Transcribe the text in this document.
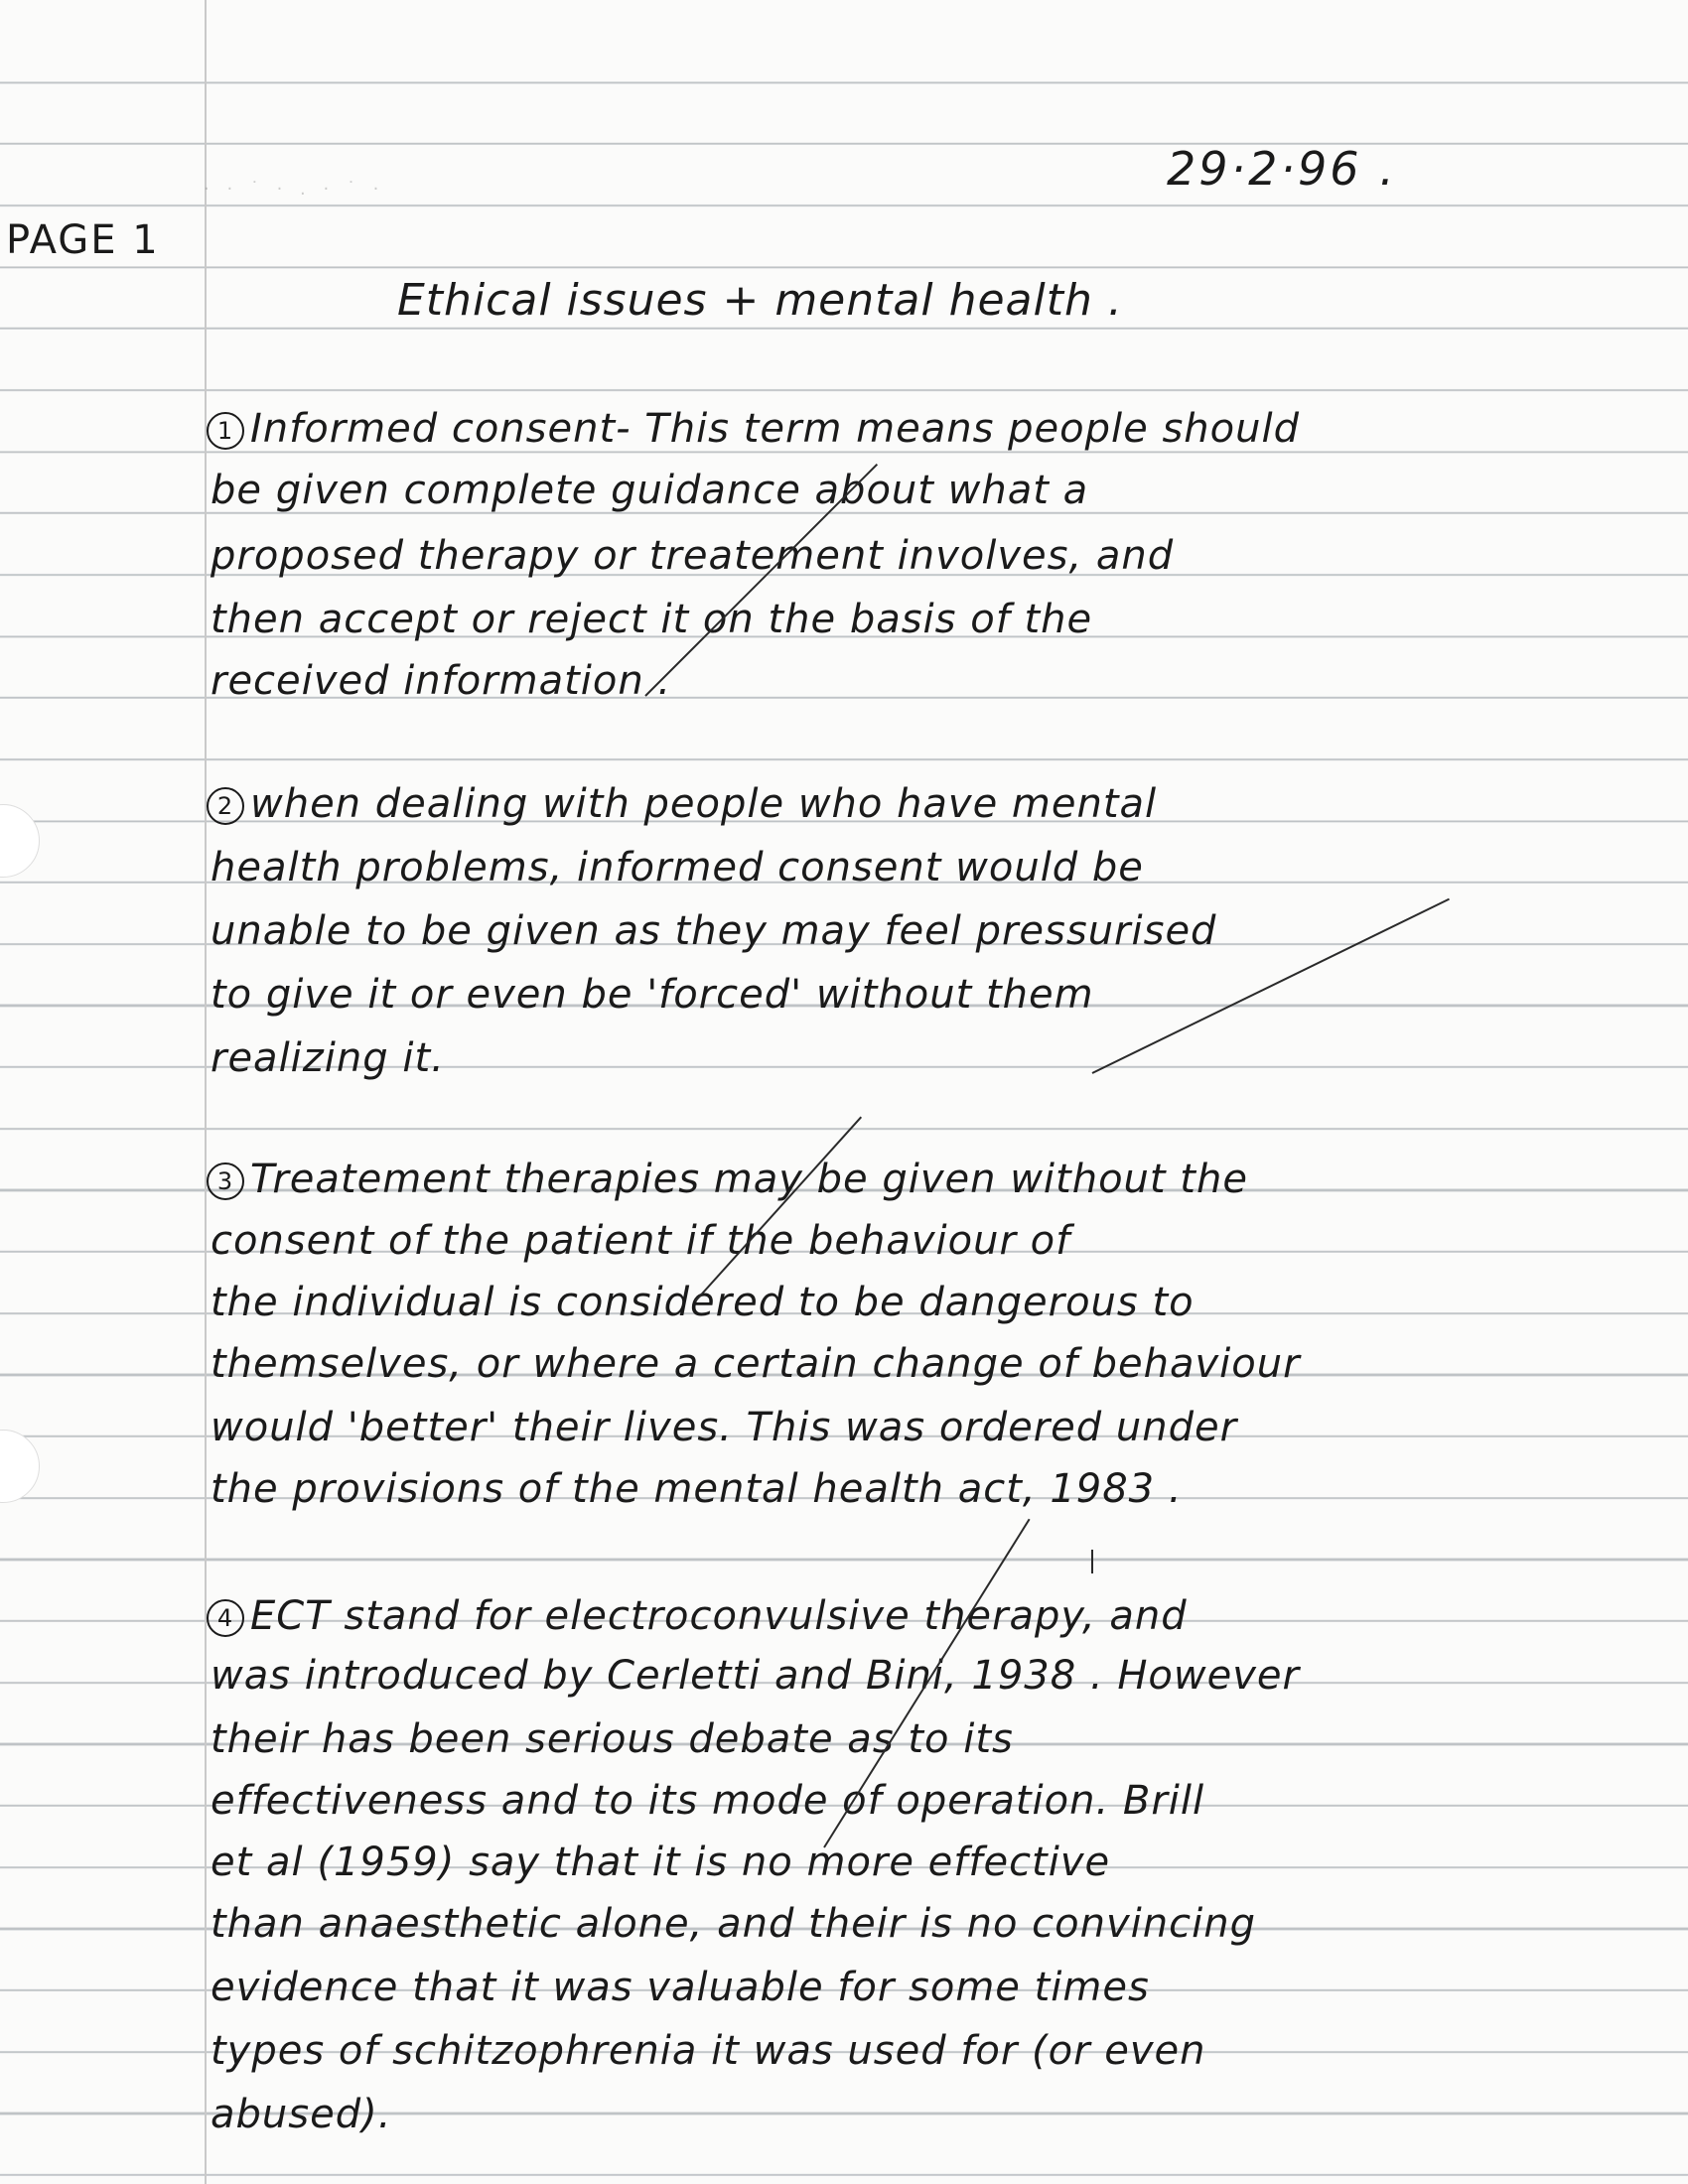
· · ˙ · . · ˙ ·	29·2·96 .
PAGE 1
Ethical issues + mental health .
1 Informed consent- This term means people should
be given complete guidance about what a
proposed therapy or treatement involves, and
then accept or reject it on the basis of the
received information .
2 when dealing with people who have mental
health problems, informed consent would be
unable to be given as they may feel pressurised
to give it or even be 'forced' without them
realizing it.
3 Treatement therapies may be given without the
consent of the patient if the behaviour of
the individual is considered to be dangerous to
themselves, or where a certain change of behaviour
would 'better' their lives. This was ordered under
the provisions of the mental health act, 1983 .
4 ECT stand for electroconvulsive therapy, and
was introduced by Cerletti and Bini, 1938 . However
their has been serious debate as to its
effectiveness and to its mode of operation. Brill
et al (1959) say that it is no more effective
than anaesthetic alone, and their is no convincing
evidence that it was valuable for some times
types of schitzophrenia it was used for (or even
abused).
